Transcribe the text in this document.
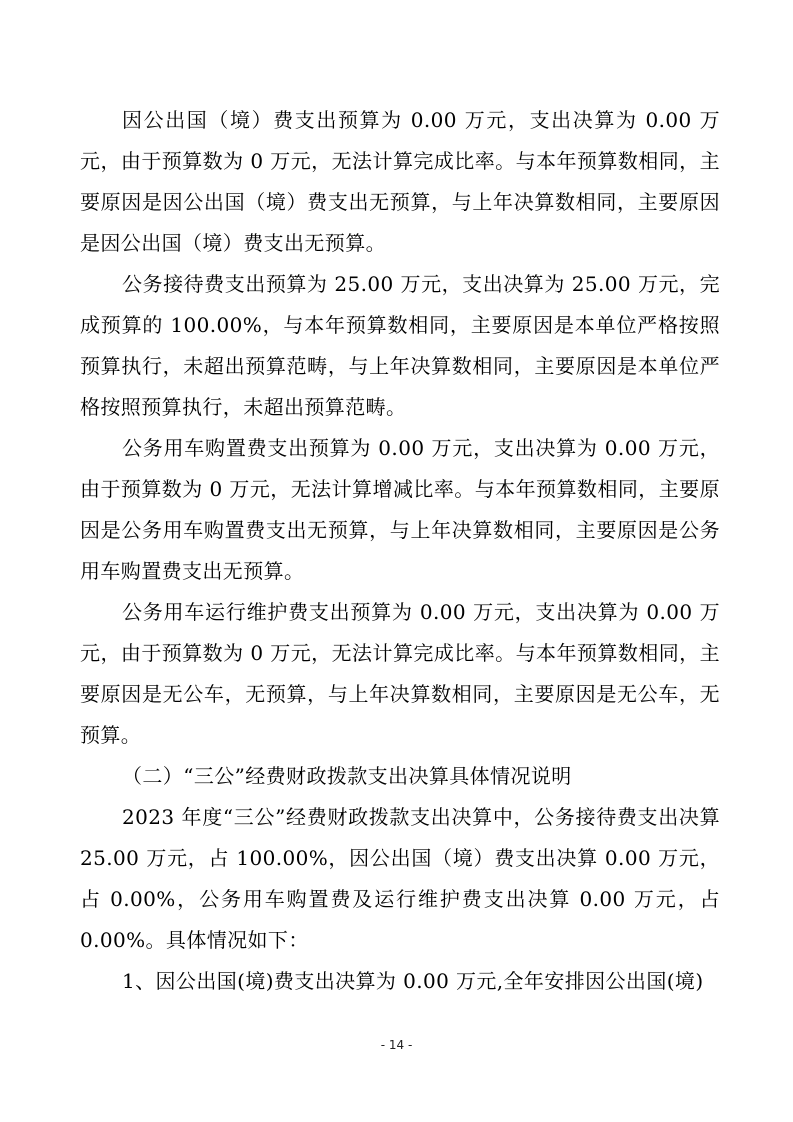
因公出国（境）费支出预算为 0.00 万元，支出决算为 0.00 万元，由于预算数为 0 万元，无法计算完成比率。与本年预算数相同，主要原因是因公出国（境）费支出无预算，与上年决算数相同，主要原因是因公出国（境）费支出无预算。

公务接待费支出预算为 25.00 万元，支出决算为 25.00 万元，完成预算的 100.00%，与本年预算数相同，主要原因是本单位严格按照预算执行，未超出预算范畴，与上年决算数相同，主要原因是本单位严格按照预算执行，未超出预算范畴。

公务用车购置费支出预算为 0.00 万元，支出决算为 0.00 万元，由于预算数为 0 万元，无法计算增减比率。与本年预算数相同，主要原因是公务用车购置费支出无预算，与上年决算数相同，主要原因是公务用车购置费支出无预算。

公务用车运行维护费支出预算为 0.00 万元，支出决算为 0.00 万元，由于预算数为 0 万元，无法计算完成比率。与本年预算数相同，主要原因是无公车，无预算，与上年决算数相同，主要原因是无公车，无预算。

（二）“三公”经费财政拨款支出决算具体情况说明

2023 年度“三公”经费财政拨款支出决算中，公务接待费支出决算 25.00 万元，占 100.00%，因公出国（境）费支出决算 0.00 万元，占 0.00%，公务用车购置费及运行维护费支出决算 0.00 万元，占 0.00%。具体情况如下：

1、因公出国(境)费支出决算为 0.00 万元,全年安排因公出国(境)

- 14 -
